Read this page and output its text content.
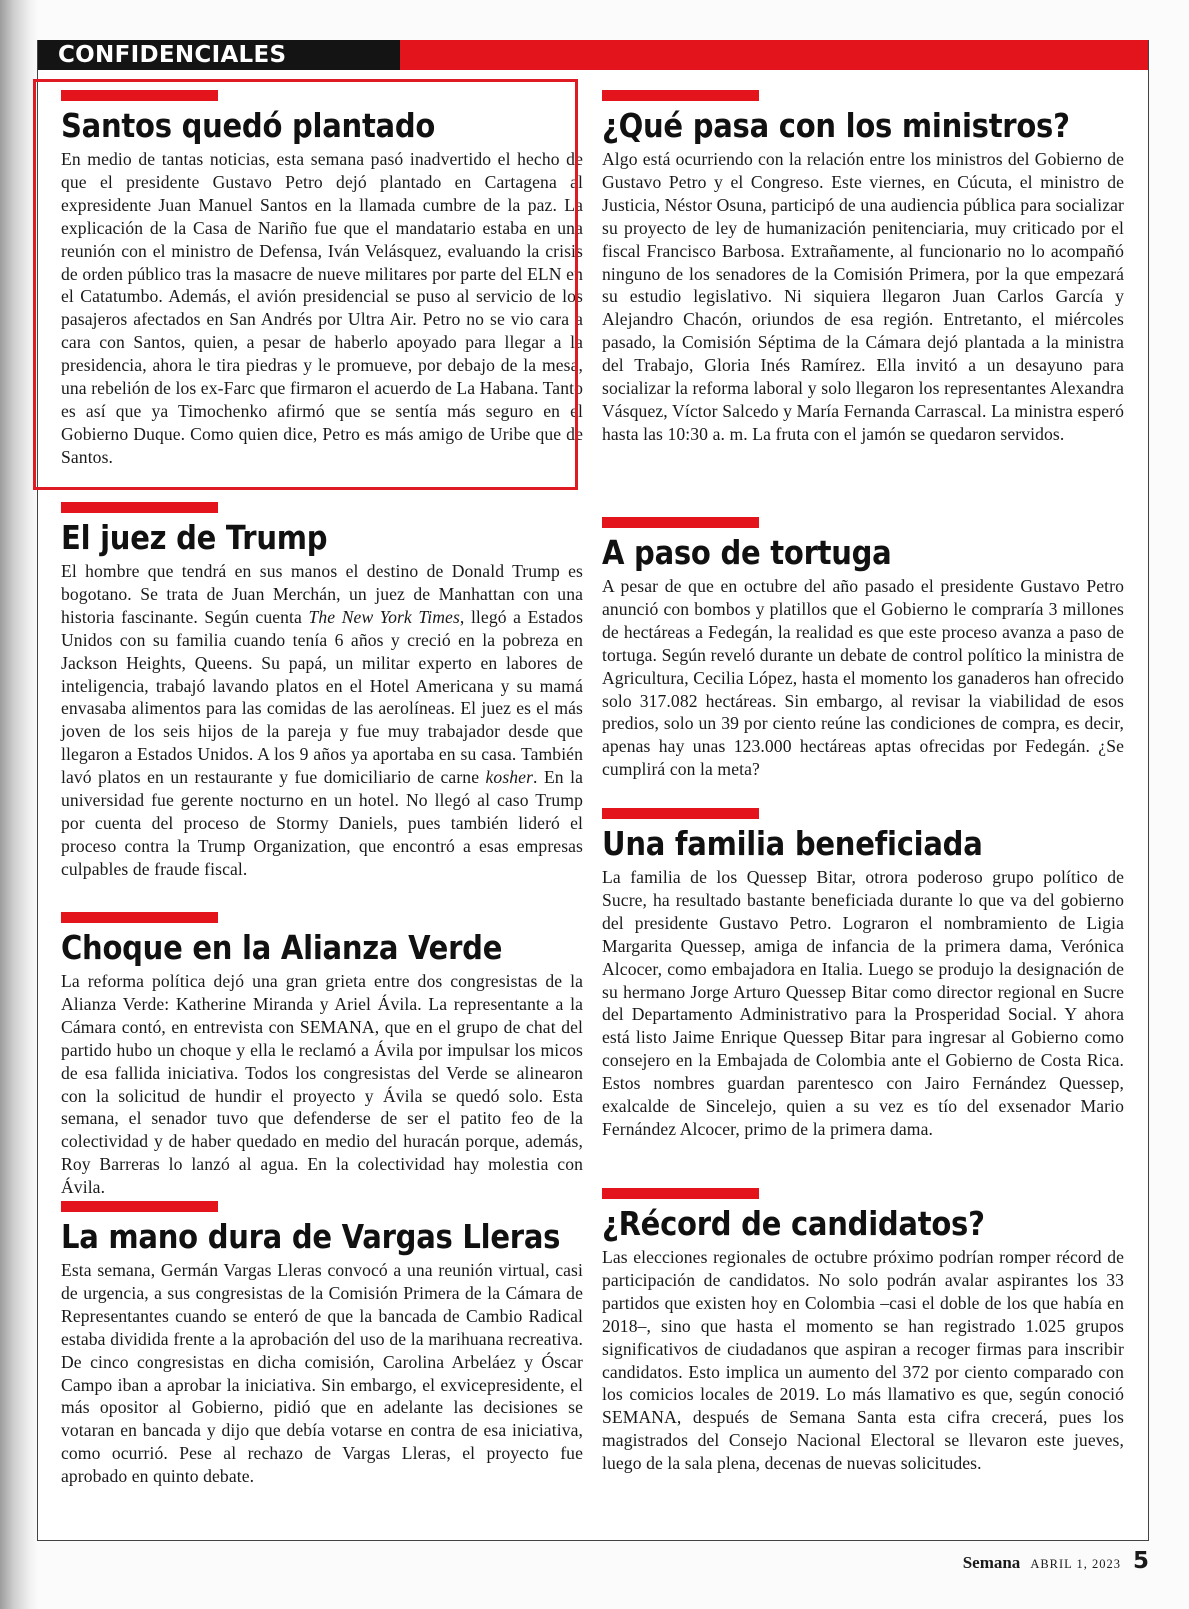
CONFIDENCIALES
Santos quedó plantado

En medio de tantas noticias, esta semana pasó inadvertido el hecho de que el presidente Gustavo Petro dejó plantado en Cartagena al expresidente Juan Manuel Santos en la llamada cumbre de la paz. La explicación de la Casa de Nariño fue que el mandatario estaba en una reunión con el ministro de Defensa, Iván Velásquez, evaluando la crisis de orden público tras la masacre de nueve militares por parte del ELN en el Catatumbo. Además, el avión presidencial se puso al servicio de los pasajeros afectados en San Andrés por Ultra Air. Petro no se vio cara a cara con Santos, quien, a pesar de haberlo apoyado para llegar a la presidencia, ahora le tira piedras y le promueve, por debajo de la mesa, una rebelión de los ex-Farc que firmaron el acuerdo de La Habana. Tanto es así que ya Timochenko afirmó que se sentía más seguro en el Gobierno Duque. Como quien dice, Petro es más amigo de Uribe que de Santos.

El juez de Trump

El hombre que tendrá en sus manos el destino de Donald Trump es bogotano. Se trata de Juan Merchán, un juez de Manhattan con una historia fascinante. Según cuenta The New York Times, llegó a Estados Unidos con su familia cuando tenía 6 años y creció en la pobreza en Jackson Heights, Queens. Su papá, un militar experto en labores de inteligencia, trabajó lavando platos en el Hotel Americana y su mamá envasaba alimentos para las comidas de las aerolíneas. El juez es el más joven de los seis hijos de la pareja y fue muy trabajador desde que llegaron a Estados Unidos. A los 9 años ya aportaba en su casa. También lavó platos en un restaurante y fue domiciliario de carne kosher. En la universidad fue gerente nocturno en un hotel. No llegó al caso Trump por cuenta del proceso de Stormy Daniels, pues también lideró el proceso contra la Trump Organization, que encontró a esas empresas culpables de fraude fiscal.

Choque en la Alianza Verde

La reforma política dejó una gran grieta entre dos congresistas de la Alianza Verde: Katherine Miranda y Ariel Ávila. La representante a la Cámara contó, en entrevista con SEMANA, que en el grupo de chat del partido hubo un choque y ella le reclamó a Ávila por impulsar los micos de esa fallida iniciativa. Todos los congresistas del Verde se alinearon con la solicitud de hundir el proyecto y Ávila se quedó solo. Esta semana, el senador tuvo que defenderse de ser el patito feo de la colectividad y de haber quedado en medio del huracán porque, además, Roy Barreras lo lanzó al agua. En la colectividad hay molestia con Ávila.

La mano dura de Vargas Lleras

Esta semana, Germán Vargas Lleras convocó a una reunión virtual, casi de urgencia, a sus congresistas de la Comisión Primera de la Cámara de Representantes cuando se enteró de que la bancada de Cambio Radical estaba dividida frente a la aprobación del uso de la marihuana recreativa. De cinco congresistas en dicha comisión, Carolina Arbeláez y Óscar Campo iban a aprobar la iniciativa. Sin embargo, el exvicepresidente, el más opositor al Gobierno, pidió que en adelante las decisiones se votaran en bancada y dijo que debía votarse en contra de esa iniciativa, como ocurrió. Pese al rechazo de Vargas Lleras, el proyecto fue aprobado en quinto debate.

¿Qué pasa con los ministros?

Algo está ocurriendo con la relación entre los ministros del Gobierno de Gustavo Petro y el Congreso. Este viernes, en Cúcuta, el ministro de Justicia, Néstor Osuna, participó de una audiencia pública para socializar su proyecto de ley de humanización penitenciaria, muy criticado por el fiscal Francisco Barbosa. Extrañamente, al funcionario no lo acompañó ninguno de los senadores de la Comisión Primera, por la que empezará su estudio legislativo. Ni siquiera llegaron Juan Carlos García y Alejandro Chacón, oriundos de esa región. Entretanto, el miércoles pasado, la Comisión Séptima de la Cámara dejó plantada a la ministra del Trabajo, Gloria Inés Ramírez. Ella invitó a un desayuno para socializar la reforma laboral y solo llegaron los representantes Alexandra Vásquez, Víctor Salcedo y María Fernanda Carrascal. La ministra esperó hasta las 10:30 a. m. La fruta con el jamón se quedaron servidos.

A paso de tortuga

A pesar de que en octubre del año pasado el presidente Gustavo Petro anunció con bombos y platillos que el Gobierno le compraría 3 millones de hectáreas a Fedegán, la realidad es que este proceso avanza a paso de tortuga. Según reveló durante un debate de control político la ministra de Agricultura, Cecilia López, hasta el momento los ganaderos han ofrecido solo 317.082 hectáreas. Sin embargo, al revisar la viabilidad de esos predios, solo un 39 por ciento reúne las condiciones de compra, es decir, apenas hay unas 123.000 hectáreas aptas ofrecidas por Fedegán. ¿Se cumplirá con la meta?

Una familia beneficiada

La familia de los Quessep Bitar, otrora poderoso grupo político de Sucre, ha resultado bastante beneficiada durante lo que va del gobierno del presidente Gustavo Petro. Lograron el nombramiento de Ligia Margarita Quessep, amiga de infancia de la primera dama, Verónica Alcocer, como embajadora en Italia. Luego se produjo la designación de su hermano Jorge Arturo Quessep Bitar como director regional en Sucre del Departamento Administrativo para la Prosperidad Social. Y ahora está listo Jaime Enrique Quessep Bitar para ingresar al Gobierno como consejero en la Embajada de Colombia ante el Gobierno de Costa Rica. Estos nombres guardan parentesco con Jairo Fernández Quessep, exalcalde de Sincelejo, quien a su vez es tío del exsenador Mario Fernández Alcocer, primo de la primera dama.

¿Récord de candidatos?

Las elecciones regionales de octubre próximo podrían romper récord de participación de candidatos. No solo podrán avalar aspirantes los 33 partidos que existen hoy en Colombia –casi el doble de los que había en 2018–, sino que hasta el momento se han registrado 1.025 grupos significativos de ciudadanos que aspiran a recoger firmas para inscribir candidatos. Esto implica un aumento del 372 por ciento comparado con los comicios locales de 2019. Lo más llamativo es que, según conoció SEMANA, después de Semana Santa esta cifra crecerá, pues los magistrados del Consejo Nacional Electoral se llevaron este jueves, luego de la sala plena, decenas de nuevas solicitudes.

Semana ABRIL 1, 2023 5
